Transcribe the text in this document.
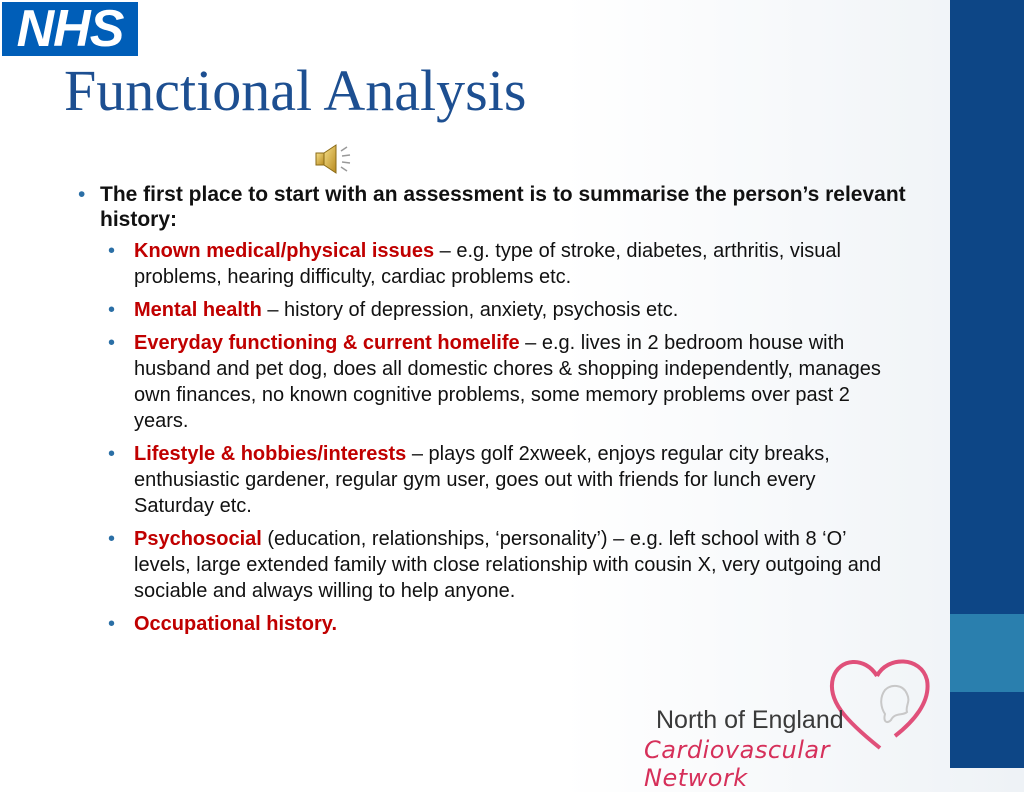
NHS
Functional Analysis
• The first place to start with an assessment is to summarise the person’s relevant history:
• Known medical/physical issues – e.g. type of stroke, diabetes, arthritis, visual problems, hearing difficulty, cardiac problems etc.
• Mental health – history of depression, anxiety, psychosis etc.
• Everyday functioning & current homelife – e.g. lives in 2 bedroom house with husband and pet dog, does all domestic chores & shopping independently, manages own finances, no known cognitive problems, some memory problems over past 2 years.
• Lifestyle & hobbies/interests – plays golf 2xweek, enjoys regular city breaks, enthusiastic gardener, regular gym user, goes out with friends for lunch every Saturday etc.
• Psychosocial (education, relationships, ‘personality’) – e.g. left school with 8 ‘O’ levels, large extended family with close relationship with cousin X, very outgoing and sociable and always willing to help anyone.
• Occupational history.
North of England
Cardiovascular Network
